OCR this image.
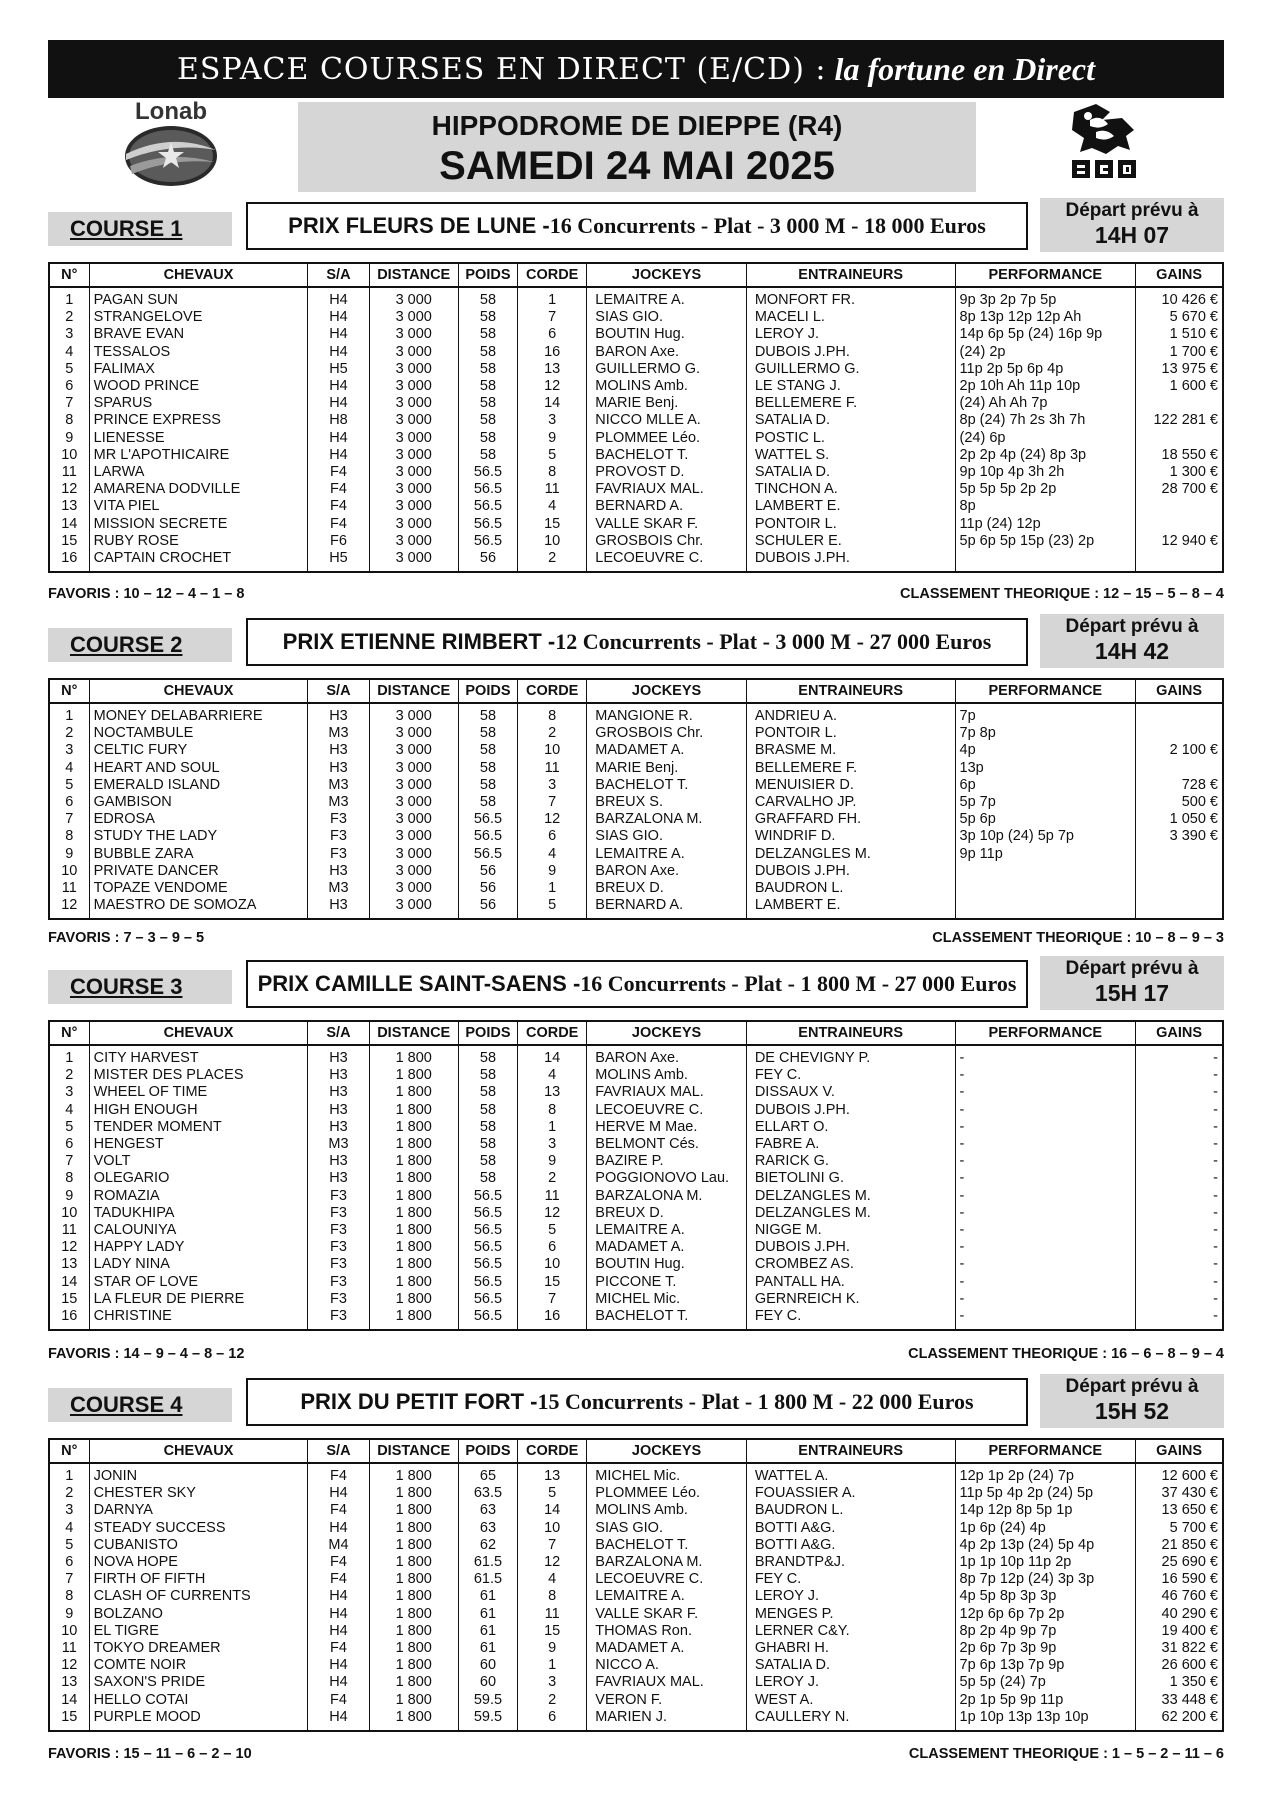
ESPACE COURSES EN DIRECT (E/CD) : la fortune en Direct
Lonab	HIPPODROME DE DIEPPE (R4)
SAMEDI 24 MAI 2025
COURSE 1	PRIX FLEURS DE LUNE - 16 Concurrents - Plat - 3 000 M - 18 000 Euros
Départ prévu à
14H 07
N°	CHEVAUX	S/A	DISTANCE	POIDS	CORDE	JOCKEYS	ENTRAINEURS	PERFORMANCE	GAINS
1	PAGAN SUN	H4	3 000	58	1	LEMAITRE A.	MONFORT FR.	9p 3p 2p 7p 5p	10 426 €
2	STRANGELOVE	H4	3 000	58	7	SIAS GIO.	MACELI L.	8p 13p 12p 12p Ah	5 670 €
3	BRAVE EVAN	H4	3 000	58	6	BOUTIN Hug.	LEROY J.	14p 6p 5p (24) 16p 9p	1 510 €
4	TESSALOS	H4	3 000	58	16	BARON Axe.	DUBOIS J.PH.	(24) 2p	1 700 €
5	FALIMAX	H5	3 000	58	13	GUILLERMO G.	GUILLERMO G.	11p 2p 5p 6p 4p	13 975 €
6	WOOD PRINCE	H4	3 000	58	12	MOLINS Amb.	LE STANG J.	2p 10h Ah 11p 10p	1 600 €
7	SPARUS	H4	3 000	58	14	MARIE Benj.	BELLEMERE F.	(24) Ah Ah 7p	
8	PRINCE EXPRESS	H8	3 000	58	3	NICCO MLLE A.	SATALIA D.	8p (24) 7h 2s 3h 7h	122 281 €
9	LIENESSE	H4	3 000	58	9	PLOMMEE Léo.	POSTIC L.	(24) 6p	
10	MR L'APOTHICAIRE	H4	3 000	58	5	BACHELOT T.	WATTEL S.	2p 2p 4p (24) 8p 3p	18 550 €
11	LARWA	F4	3 000	56.5	8	PROVOST D.	SATALIA D.	9p 10p 4p 3h 2h	1 300 €
12	AMARENA DODVILLE	F4	3 000	56.5	11	FAVRIAUX MAL.	TINCHON A.	5p 5p 5p 2p 2p	28 700 €
13	VITA PIEL	F4	3 000	56.5	4	BERNARD A.	LAMBERT E.	8p	
14	MISSION SECRETE	F4	3 000	56.5	15	VALLE SKAR F.	PONTOIR L.	11p (24) 12p	
15	RUBY ROSE	F6	3 000	56.5	10	GROSBOIS Chr.	SCHULER E.	5p 6p 5p 15p (23) 2p	12 940 €
16	CAPTAIN CROCHET	H5	3 000	56	2	LECOEUVRE C.	DUBOIS J.PH.		
FAVORIS : 10 – 12 – 4 – 1 – 8	CLASSEMENT THEORIQUE : 12 – 15 – 5 – 8 – 4
COURSE 2	PRIX ETIENNE RIMBERT - 12 Concurrents - Plat - 3 000 M - 27 000 Euros
Départ prévu à
14H 42
N°	CHEVAUX	S/A	DISTANCE	POIDS	CORDE	JOCKEYS	ENTRAINEURS	PERFORMANCE	GAINS
1	MONEY DELABARRIERE	H3	3 000	58	8	MANGIONE R.	ANDRIEU A.	7p	
2	NOCTAMBULE	M3	3 000	58	2	GROSBOIS Chr.	PONTOIR L.	7p 8p	
3	CELTIC FURY	H3	3 000	58	10	MADAMET A.	BRASME M.	4p	2 100 €
4	HEART AND SOUL	H3	3 000	58	11	MARIE Benj.	BELLEMERE F.	13p	
5	EMERALD ISLAND	M3	3 000	58	3	BACHELOT T.	MENUISIER D.	6p	728 €
6	GAMBISON	M3	3 000	58	7	BREUX S.	CARVALHO JP.	5p 7p	500 €
7	EDROSA	F3	3 000	56.5	12	BARZALONA M.	GRAFFARD FH.	5p 6p	1 050 €
8	STUDY THE LADY	F3	3 000	56.5	6	SIAS GIO.	WINDRIF D.	3p 10p (24) 5p 7p	3 390 €
9	BUBBLE ZARA	F3	3 000	56.5	4	LEMAITRE A.	DELZANGLES M.	9p 11p	
10	PRIVATE DANCER	H3	3 000	56	9	BARON Axe.	DUBOIS J.PH.		
11	TOPAZE VENDOME	M3	3 000	56	1	BREUX D.	BAUDRON L.		
12	MAESTRO DE SOMOZA	H3	3 000	56	5	BERNARD A.	LAMBERT E.		
FAVORIS : 7 – 3 – 9 – 5	CLASSEMENT THEORIQUE : 10 – 8 – 9 – 3
COURSE 3	PRIX CAMILLE SAINT-SAENS - 16 Concurrents - Plat - 1 800 M - 27 000 Euros
Départ prévu à
15H 17
N°	CHEVAUX	S/A	DISTANCE	POIDS	CORDE	JOCKEYS	ENTRAINEURS	PERFORMANCE	GAINS
1	CITY HARVEST	H3	1 800	58	14	BARON Axe.	DE CHEVIGNY P.	-	-
2	MISTER DES PLACES	H3	1 800	58	4	MOLINS Amb.	FEY C.	-	-
3	WHEEL OF TIME	H3	1 800	58	13	FAVRIAUX MAL.	DISSAUX V.	-	-
4	HIGH ENOUGH	H3	1 800	58	8	LECOEUVRE C.	DUBOIS J.PH.	-	-
5	TENDER MOMENT	H3	1 800	58	1	HERVE M Mae.	ELLART O.	-	-
6	HENGEST	M3	1 800	58	3	BELMONT Cés.	FABRE A.	-	-
7	VOLT	H3	1 800	58	9	BAZIRE P.	RARICK G.	-	-
8	OLEGARIO	H3	1 800	58	2	POGGIONOVO Lau.	BIETOLINI G.	-	-
9	ROMAZIA	F3	1 800	56.5	11	BARZALONA M.	DELZANGLES M.	-	-
10	TADUKHIPA	F3	1 800	56.5	12	BREUX D.	DELZANGLES M.	-	-
11	CALOUNIYA	F3	1 800	56.5	5	LEMAITRE A.	NIGGE M.	-	-
12	HAPPY LADY	F3	1 800	56.5	6	MADAMET A.	DUBOIS J.PH.	-	-
13	LADY NINA	F3	1 800	56.5	10	BOUTIN Hug.	CROMBEZ AS.	-	-
14	STAR OF LOVE	F3	1 800	56.5	15	PICCONE T.	PANTALL HA.	-	-
15	LA FLEUR DE PIERRE	F3	1 800	56.5	7	MICHEL Mic.	GERNREICH K.	-	-
16	CHRISTINE	F3	1 800	56.5	16	BACHELOT T.	FEY C.	-	-
FAVORIS : 14 – 9 – 4 – 8 – 12	CLASSEMENT THEORIQUE : 16 – 6 – 8 – 9 – 4
COURSE 4	PRIX DU PETIT FORT - 15 Concurrents - Plat - 1 800 M - 22 000 Euros
Départ prévu à
15H 52
N°	CHEVAUX	S/A	DISTANCE	POIDS	CORDE	JOCKEYS	ENTRAINEURS	PERFORMANCE	GAINS
1	JONIN	F4	1 800	65	13	MICHEL Mic.	WATTEL A.	12p 1p 2p (24) 7p	12 600 €
2	CHESTER SKY	H4	1 800	63.5	5	PLOMMEE Léo.	FOUASSIER A.	11p 5p 4p 2p (24) 5p	37 430 €
3	DARNYA	F4	1 800	63	14	MOLINS Amb.	BAUDRON L.	14p 12p 8p 5p 1p	13 650 €
4	STEADY SUCCESS	H4	1 800	63	10	SIAS GIO.	BOTTI A&G.	1p 6p (24) 4p	5 700 €
5	CUBANISTO	M4	1 800	62	7	BACHELOT T.	BOTTI A&G.	4p 2p 13p (24) 5p 4p	21 850 €
6	NOVA HOPE	F4	1 800	61.5	12	BARZALONA M.	BRANDTP&J.	1p 1p 10p 11p 2p	25 690 €
7	FIRTH OF FIFTH	F4	1 800	61.5	4	LECOEUVRE C.	FEY C.	8p 7p 12p (24) 3p 3p	16 590 €
8	CLASH OF CURRENTS	H4	1 800	61	8	LEMAITRE A.	LEROY J.	4p 5p 8p 3p 3p	46 760 €
9	BOLZANO	H4	1 800	61	11	VALLE SKAR F.	MENGES P.	12p 6p 6p 7p 2p	40 290 €
10	EL TIGRE	H4	1 800	61	15	THOMAS Ron.	LERNER C&Y.	8p 2p 4p 9p 7p	19 400 €
11	TOKYO DREAMER	F4	1 800	61	9	MADAMET A.	GHABRI H.	2p 6p 7p 3p 9p	31 822 €
12	COMTE NOIR	H4	1 800	60	1	NICCO A.	SATALIA D.	7p 6p 13p 7p 9p	26 600 €
13	SAXON'S PRIDE	H4	1 800	60	3	FAVRIAUX MAL.	LEROY J.	5p 5p (24) 7p	1 350 €
14	HELLO COTAI	F4	1 800	59.5	2	VERON F.	WEST A.	2p 1p 5p 9p 11p	33 448 €
15	PURPLE MOOD	H4	1 800	59.5	6	MARIEN J.	CAULLERY N.	1p 10p 13p 13p 10p	62 200 €
FAVORIS : 15 – 11 – 6 – 2 – 10	CLASSEMENT THEORIQUE : 1 – 5 – 2 – 11 – 6
